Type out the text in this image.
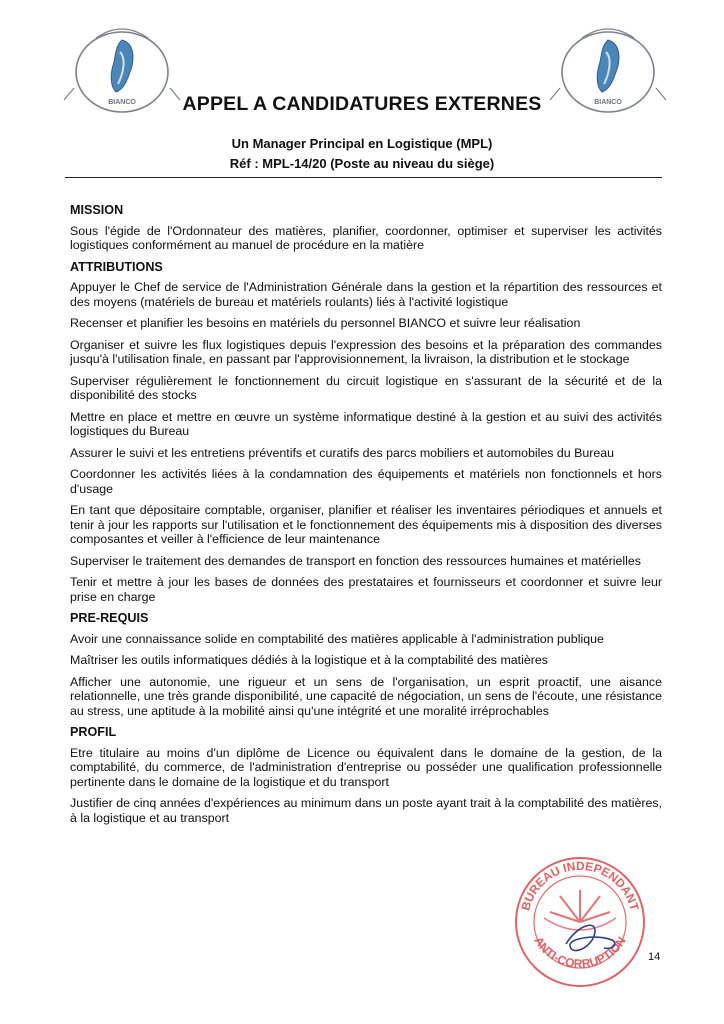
BIANCO	BIANCO
APPEL A CANDIDATURES EXTERNES
Un Manager Principal en Logistique (MPL)
Réf : MPL-14/20 (Poste au niveau du siège)
MISSION
Sous l'égide de l'Ordonnateur des matières, planifier, coordonner, optimiser et superviser les activités logistiques conformément au manuel de procédure en la matière
ATTRIBUTIONS
Appuyer le Chef de service de l'Administration Générale dans la gestion et la répartition des ressources et des moyens (matériels de bureau et matériels roulants) liés à l'activité logistique
Recenser et planifier les besoins en matériels du personnel BIANCO et suivre leur réalisation
Organiser et suivre les flux logistiques depuis l'expression des besoins et la préparation des commandes jusqu'à l'utilisation finale, en passant par l'approvisionnement, la livraison, la distribution et le stockage
Superviser régulièrement le fonctionnement du circuit logistique en s'assurant de la sécurité et de la disponibilité des stocks
Mettre en place et mettre en œuvre un système informatique destiné à la gestion et au suivi des activités logistiques du Bureau
Assurer le suivi et les entretiens préventifs et curatifs des parcs mobiliers et automobiles du Bureau
Coordonner les activités liées à la condamnation des équipements et matériels non fonctionnels et hors d'usage
En tant que dépositaire comptable, organiser, planifier et réaliser les inventaires périodiques et annuels et tenir à jour les rapports sur l'utilisation et le fonctionnement des équipements mis à disposition des diverses composantes et veiller à l'efficience de leur maintenance
Superviser le traitement des demandes de transport en fonction des ressources humaines et matérielles
Tenir et mettre à jour les bases de données des prestataires et fournisseurs et coordonner et suivre leur prise en charge
PRE-REQUIS
Avoir une connaissance solide en comptabilité des matières applicable à l'administration publique
Maîtriser les outils informatiques dédiés à la logistique et à la comptabilité des matières
Afficher une autonomie, une rigueur et un sens de l'organisation, un esprit proactif, une aisance relationnelle, une très grande disponibilité, une capacité de négociation, un sens de l'écoute, une résistance au stress, une aptitude à la mobilité ainsi qu'une intégrité et une moralité irréprochables
PROFIL
Etre titulaire au moins d'un diplôme de Licence ou équivalent dans le domaine de la gestion, de la comptabilité, du commerce, de l'administration d'entreprise ou posséder une qualification professionnelle pertinente dans le domaine de la logistique et du transport
Justifier de cinq années d'expériences au minimum dans un poste ayant trait à la comptabilité des matières, à la logistique et au transport
BUREAU INDEPENDANT
ANTI-CORRUPTION
14
